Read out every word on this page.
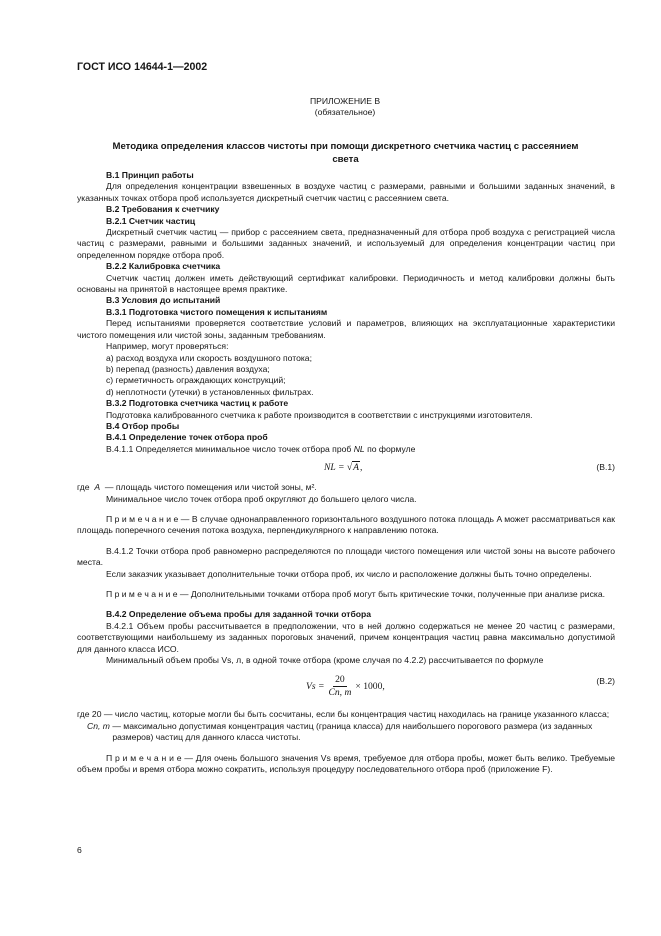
ГОСТ ИСО 14644-1—2002
ПРИЛОЖЕНИЕ В
(обязательное)
Методика определения классов чистоты при помощи дискретного счетчика частиц с рассеянием света

В.1 Принцип работы

Для определения концентрации взвешенных в воздухе частиц с размерами, равными и большими заданных значений, в указанных точках отбора проб используется дискретный счетчик частиц с рассеянием света.

В.2 Требования к счетчику

В.2.1 Счетчик частиц

Дискретный счетчик частиц — прибор с рассеянием света, предназначенный для отбора проб воздуха с регистрацией числа частиц с размерами, равными и большими заданных значений, и используемый для определения концентрации частиц при определенном порядке отбора проб.

В.2.2 Калибровка счетчика

Счетчик частиц должен иметь действующий сертификат калибровки. Периодичность и метод калибровки должны быть основаны на принятой в настоящее время практике.

В.3 Условия до испытаний

В.3.1 Подготовка чистого помещения к испытаниям

Перед испытаниями проверяется соответствие условий и параметров, влияющих на эксплуатационные характеристики чистого помещения или чистой зоны, заданным требованиям.

Например, могут проверяться:

a) расход воздуха или скорость воздушного потока;

b) перепад (разность) давления воздуха;

c) герметичность ограждающих конструкций;

d) неплотности (утечки) в установленных фильтрах.

В.3.2 Подготовка счетчика частиц к работе

Подготовка калиброванного счетчика к работе производится в соответствии с инструкциями изготовителя.

В.4 Отбор пробы

В.4.1 Определение точек отбора проб

В.4.1.1 Определяется минимальное число точек отбора проб NL по формуле

NL = √A,	(В.1)

где A — площадь чистого помещения или чистой зоны, м².

Минимальное число точек отбора проб округляют до большего целого числа.

П р и м е ч а н и е — В случае однонаправленного горизонтального воздушного потока площадь A может рассматриваться как площадь поперечного сечения потока воздуха, перпендикулярного к направлению потока.

В.4.1.2 Точки отбора проб равномерно распределяются по площади чистого помещения или чистой зоны на высоте рабочего места.

Если заказчик указывает дополнительные точки отбора проб, их число и расположение должны быть точно определены.

П р и м е ч а н и е — Дополнительными точками отбора проб могут быть критические точки, полученные при анализе риска.

В.4.2 Определение объема пробы для заданной точки отбора

В.4.2.1 Объем пробы рассчитывается в предположении, что в ней должно содержаться не менее 20 частиц с размерами, соответствующими наибольшему из заданных пороговых значений, причем концентрация частиц равна максимально допустимой для данного класса ИСО.

Минимальный объем пробы Vs, л, в одной точке отбора (кроме случая по 4.2.2) рассчитывается по формуле

$Vs = \frac{20}{Cn, m} \times 1000$,	(В.2)
где 20
— число частиц, которые могли бы быть сосчитаны, если бы концентрация частиц находилась на границе указанного класса;
Cn, m
— максимально допустимая концентрация частиц (граница класса) для наибольшего порогового размера (из заданных размеров) частиц для данного класса чистоты.

П р и м е ч а н и е — Для очень большого значения Vs время, требуемое для отбора пробы, может быть велико. Требуемые объем пробы и время отбора можно сократить, используя процедуру последовательного отбора проб (приложение F).

6
